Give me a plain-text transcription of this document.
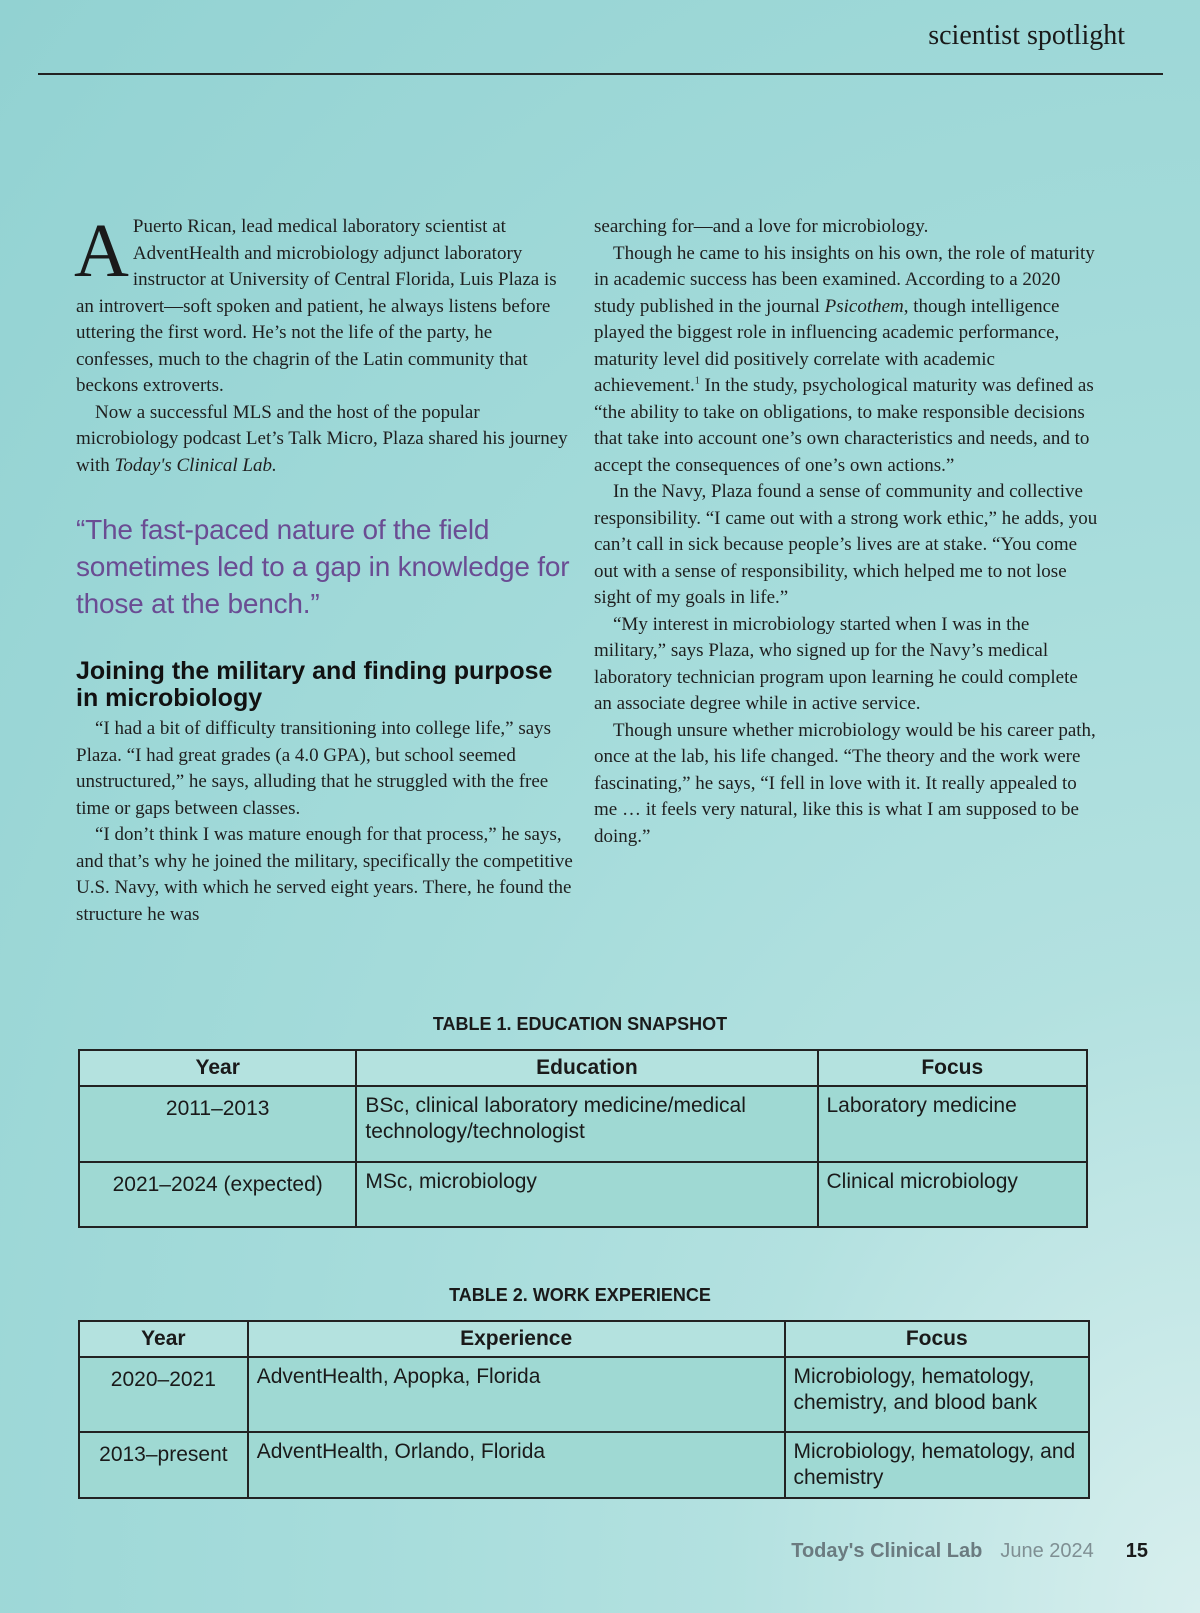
scientist spotlight

A Puerto Rican, lead medical laboratory scientist at AdventHealth and microbiology adjunct laboratory instructor at University of Central Florida, Luis Plaza is an introvert—soft spoken and patient, he always listens before uttering the first word. He’s not the life of the party, he confesses, much to the chagrin of the Latin community that beckons extroverts.

Now a successful MLS and the host of the popular microbiology podcast Let’s Talk Micro, Plaza shared his journey with Today's Clinical Lab.

“The fast-paced nature of the field sometimes led to a gap in knowledge for those at the bench.”
Joining the military and finding purpose in microbiology

“I had a bit of difficulty transitioning into college life,” says Plaza. “I had great grades (a 4.0 GPA), but school seemed unstructured,” he says, alluding that he struggled with the free time or gaps between classes.

“I don’t think I was mature enough for that process,” he says, and that’s why he joined the military, specifically the competitive U.S. Navy, with which he served eight years. There, he found the structure he was

searching for—and a love for microbiology.

Though he came to his insights on his own, the role of maturity in academic success has been examined. According to a 2020 study published in the journal Psicothem, though intelligence played the biggest role in influencing academic performance, maturity level did positively correlate with academic achievement.$^1$ In the study, psychological maturity was defined as “the ability to take on obligations, to make responsible decisions that take into account one’s own characteristics and needs, and to accept the consequences of one’s own actions.”

In the Navy, Plaza found a sense of community and collective responsibility. “I came out with a strong work ethic,” he adds, you can’t call in sick because people’s lives are at stake. “You come out with a sense of responsibility, which helped me to not lose sight of my goals in life.”

“My interest in microbiology started when I was in the military,” says Plaza, who signed up for the Navy’s medical laboratory technician program upon learning he could complete an associate degree while in active service.

Though unsure whether microbiology would be his career path, once at the lab, his life changed. “The theory and the work were fascinating,” he says, “I fell in love with it. It really appealed to me … it feels very natural, like this is what I am supposed to be doing.”

TABLE 1. EDUCATION SNAPSHOT
Year	Education	Focus
2011–2013	BSc, clinical laboratory medicine/medical technology/technologist	Laboratory medicine
2021–2024 (expected)	MSc, microbiology	Clinical microbiology
TABLE 2. WORK EXPERIENCE
Year	Experience	Focus
2020–2021	AdventHealth, Apopka, Florida	Microbiology, hematology, chemistry, and blood bank
2013–present	AdventHealth, Orlando, Florida	Microbiology, hematology, and chemistry
Today's Clinical Lab June 2024 15
